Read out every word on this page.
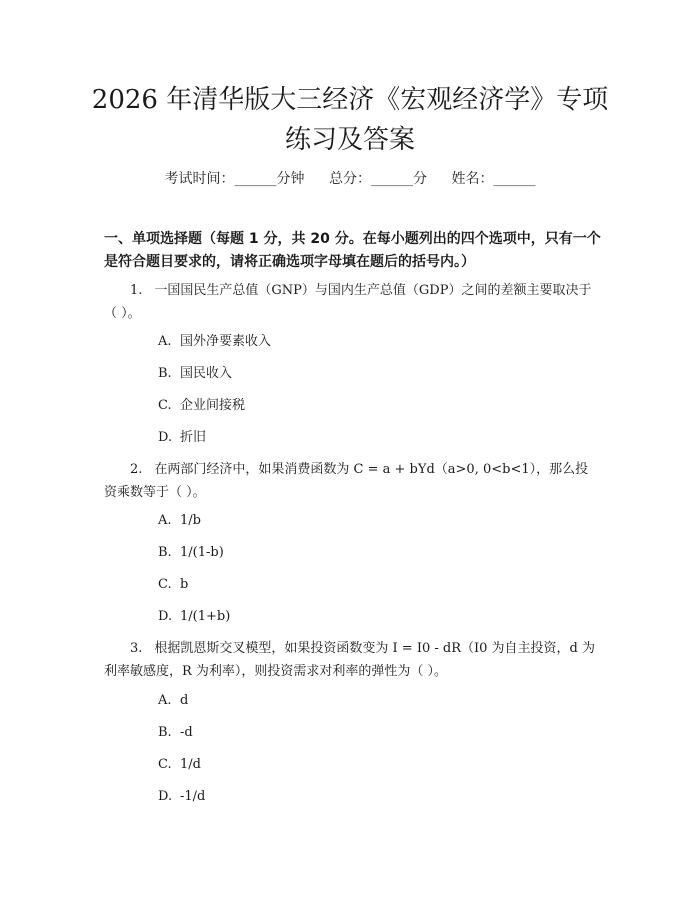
2026 年清华版大三经济《宏观经济学》专项
练习及答案
考试时间：______分钟 总分：______分 姓名：______
一、单项选择题（每题 1 分，共 20 分。在每小题列出的四个选项中，只有一个是符合题目要求的，请将正确选项字母填在题后的括号内。）
1. 一国国民生产总值（GNP）与国内生产总值（GDP）之间的差额主要取决于（ ）。
A. 国外净要素收入
B. 国民收入
C. 企业间接税
D. 折旧
2. 在两部门经济中，如果消费函数为 C = a + bYd（a>0, 0<b<1），那么投资乘数等于（ ）。
A. 1/b
B. 1/(1-b)
C. b
D. 1/(1+b)
3. 根据凯恩斯交叉模型，如果投资函数变为 I = I0 - dR（I0 为自主投资，d 为利率敏感度，R 为利率），则投资需求对利率的弹性为（ ）。
A. d
B. -d
C. 1/d
D. -1/d
